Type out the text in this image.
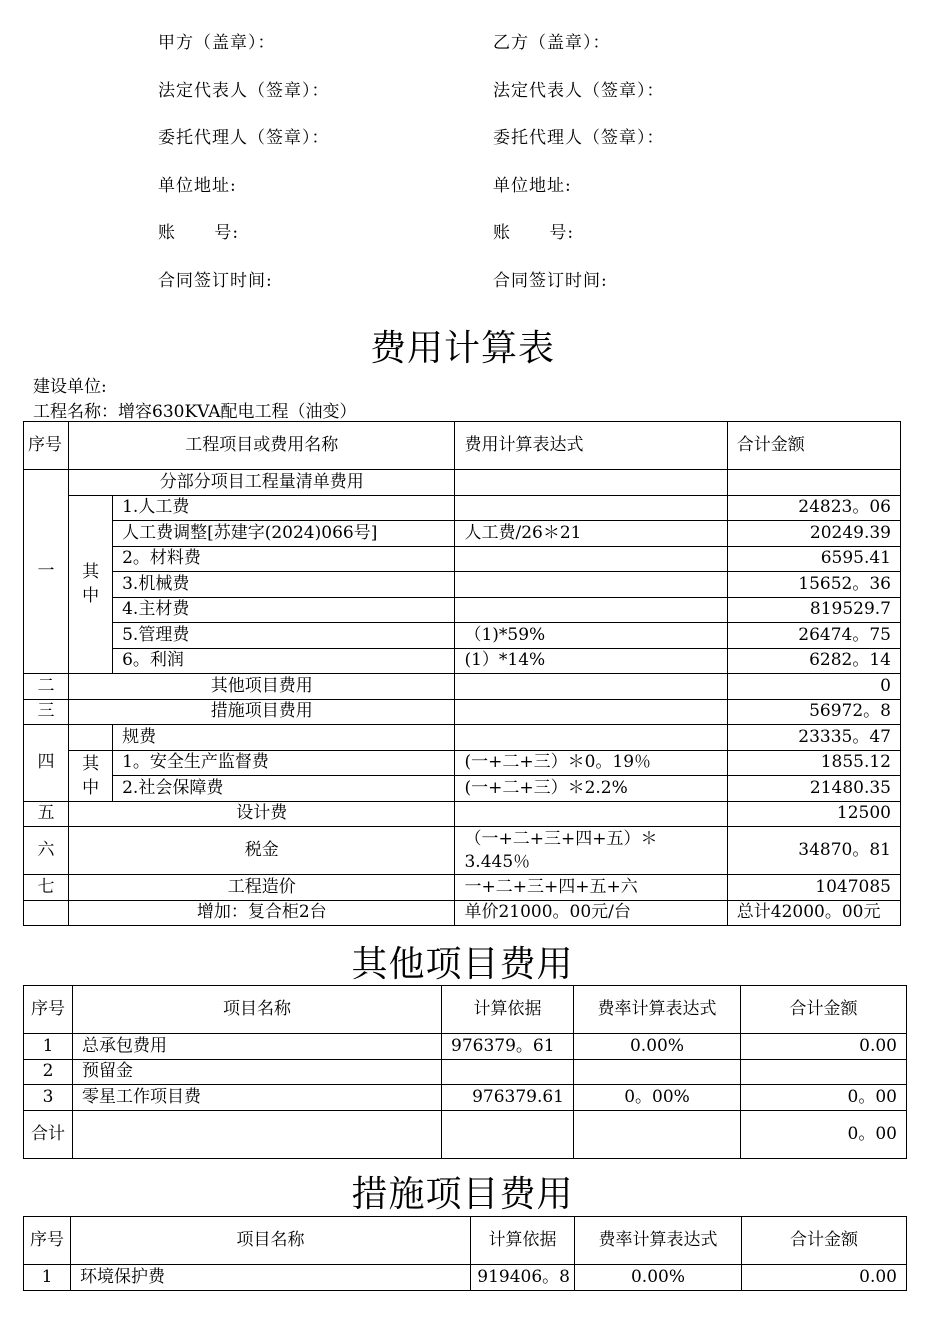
甲方（盖章）：	乙方（盖章）：
法定代表人（签章）：	法定代表人（签章）：
委托代理人（签章）：	委托代理人（签章）：
单位地址:	单位地址:
账      号:	账      号:
合同签订时间:	合同签订时间:
费用计算表
建设单位:
工程名称：增容630KVA配电工程（油变）
序号	工程项目或费用名称		费用计算表达式	合计金额
一	分部分项目工程量清单费用			
	其中	1.人工费		24823。06
		人工费调整[苏建字(2024)066号]	人工费/26＊21	20249.39
		2。材料费		6595.41
		3.机械费		15652。36
		4.主材费		819529.7
		5.管理费	（1)*59%	26474。75
		6。利润	(1）*14%	6282。14
二	其他项目费用			0
三	措施项目费用			56972。8
四		规费		23335。47
	其中	1。安全生产监督费	(一+二+三）＊0。19％	1855.12
		2.社会保障费	(一+二+三）＊2.2%	21480.35
五	设计费			12500
六	税金		（一+二+三+四+五）＊3.445％	34870。81
七	工程造价		一+二+三+四+五+六	1047085
	增加：复合柜2台		单价21000。00元/台	总计42000。00元
其他项目费用
序号	项目名称	计算依据	费率计算表达式	合计金额
1	总承包费用	976379。61	0.00%	0.00
2	预留金			
3	零星工作项目费	976379.61	0。00%	0。00
合计				0。00
措施项目费用
序号	项目名称	计算依据	费率计算表达式	合计金额
1	环境保护费	919406。8	0.00%	0.00
